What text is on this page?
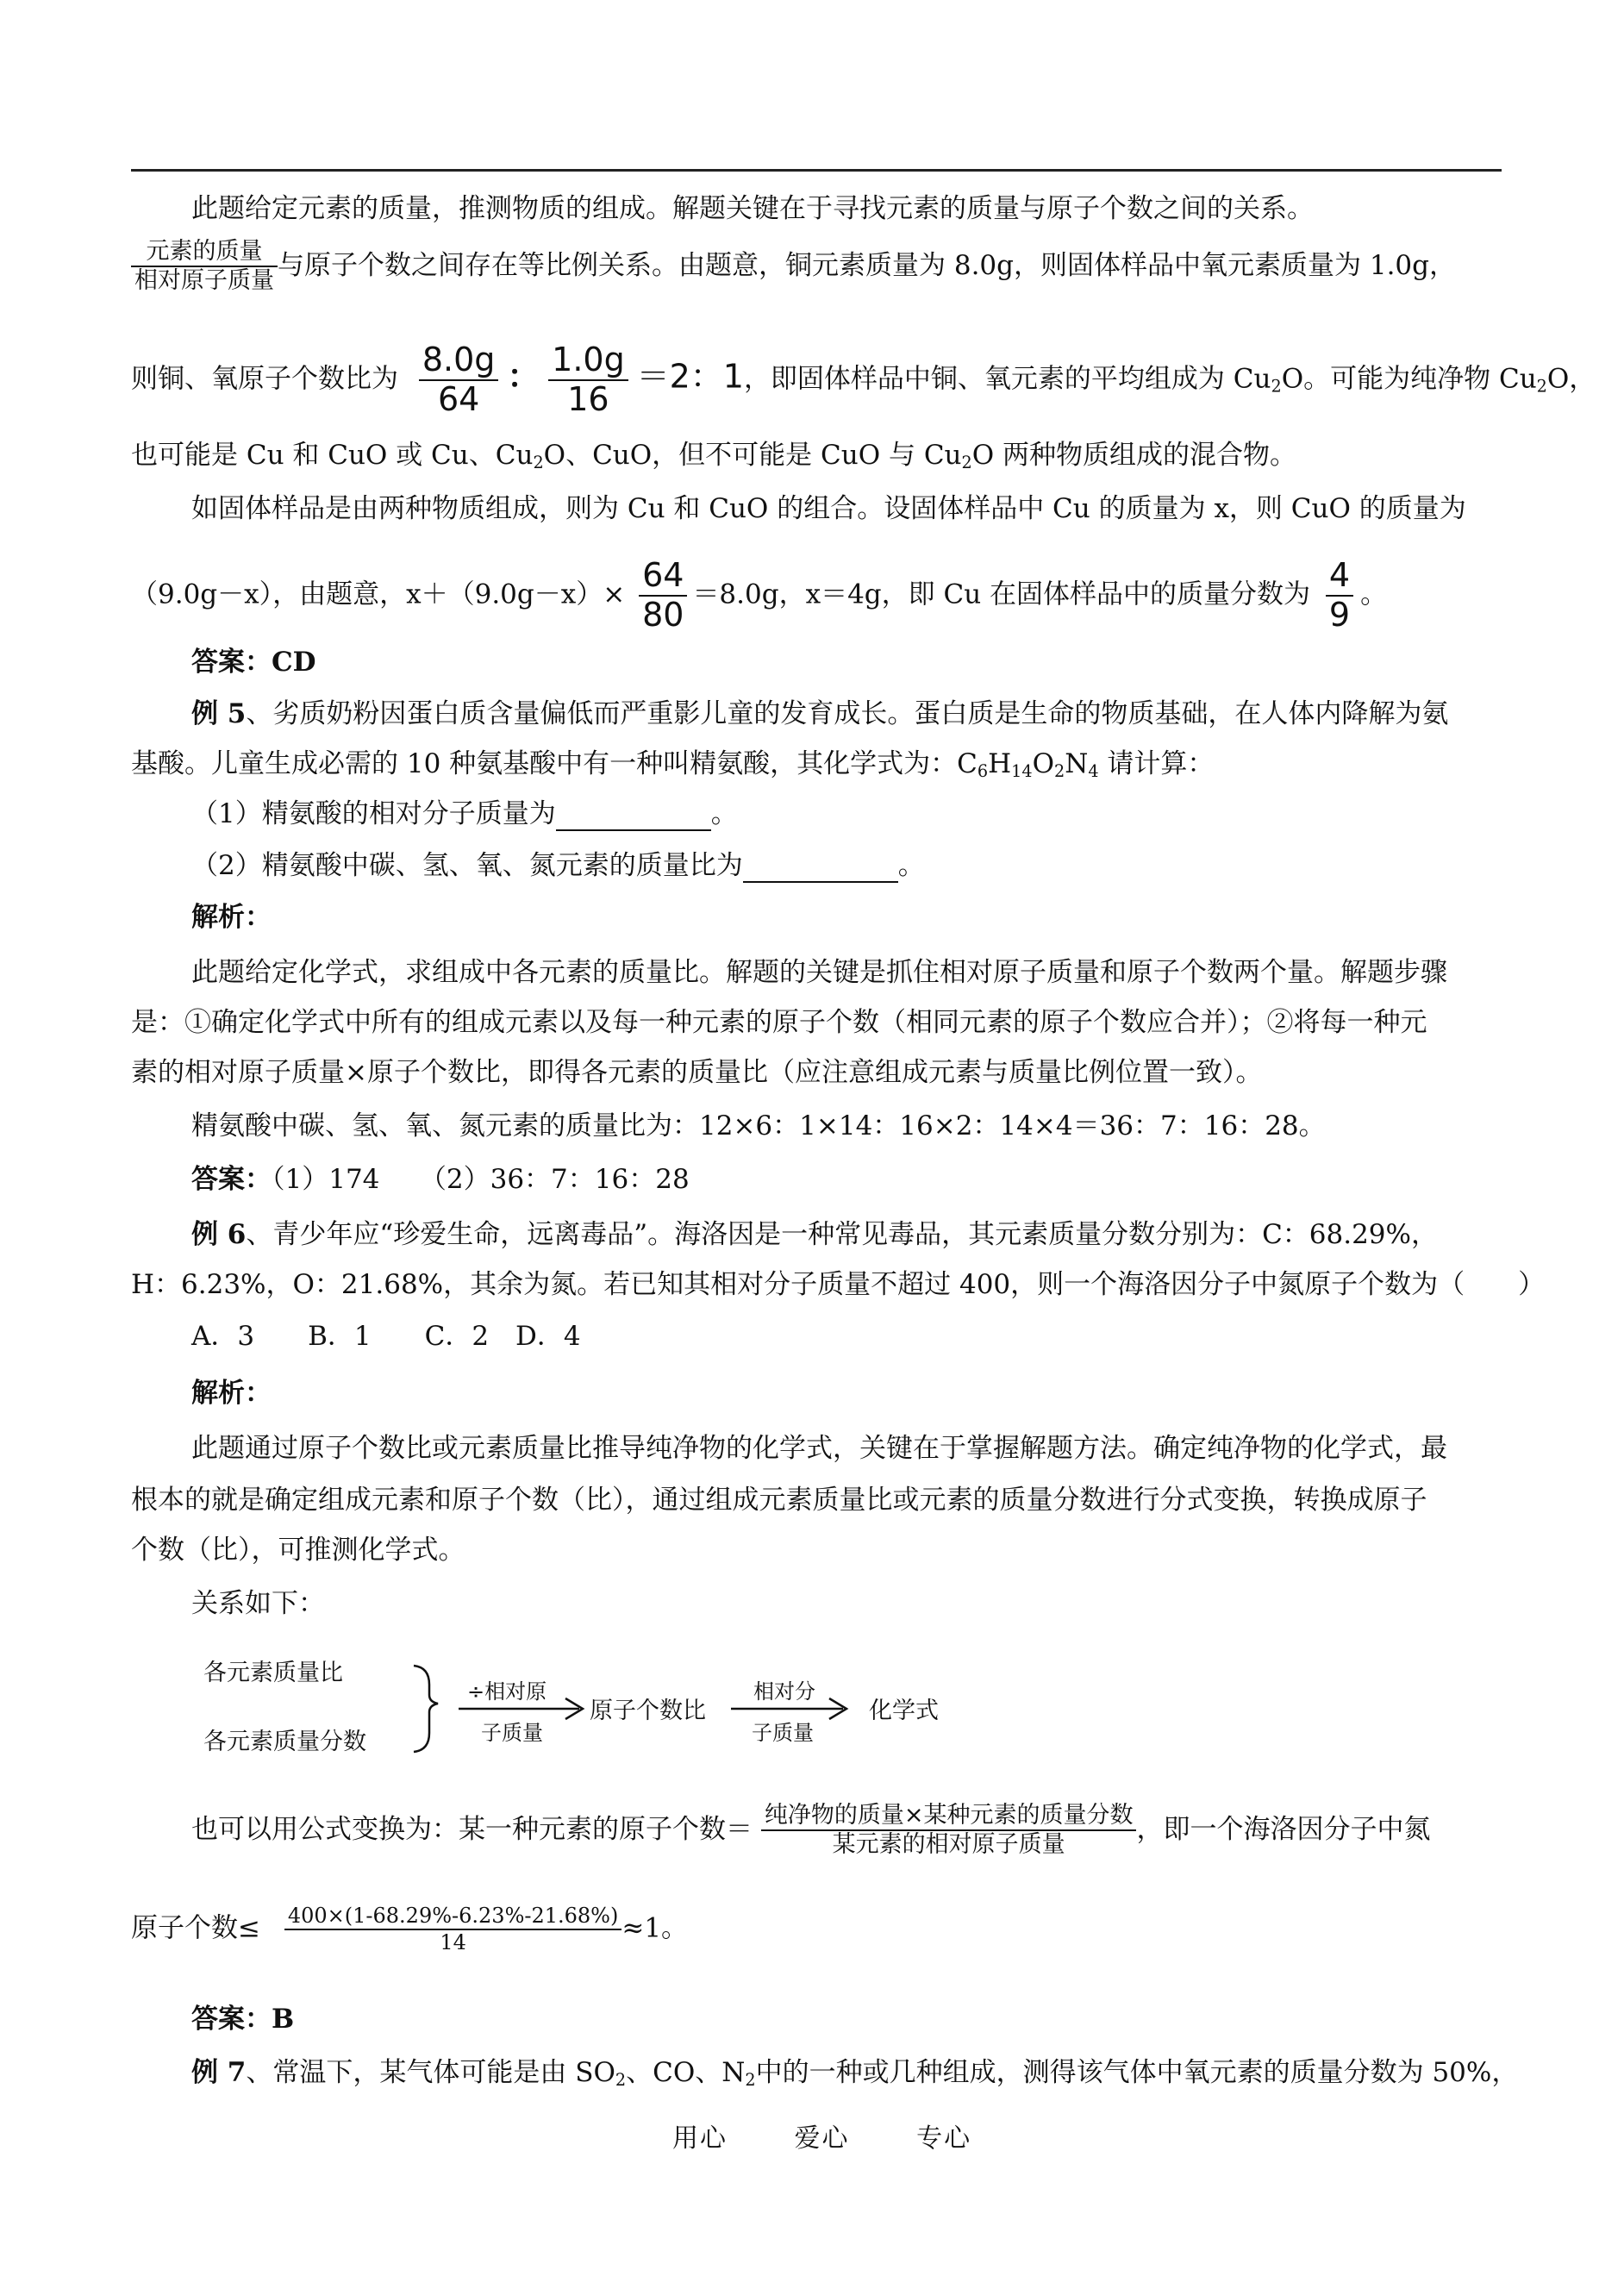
此题给定元素的质量，推测物质的组成。解题关键在于寻找元素的质量与原子个数之间的关系。
$\frac{\text{元素的质量}}{\text{相对原子质量}}$ 与原子个数之间存在等比例关系。由题意，铜元素质量为 8.0g，则固体样品中氧元素质量为 1.0g，
则铜、氧原子个数比为 $\frac{8.0g}{64}$ ： $\frac{1.0g}{16} =2$：1，即固体样品中铜、氧元素的平均组成为 $Cu_2O$。可能为纯净物 $Cu_2O$，
也可能是 Cu 和 CuO 或 Cu、$Cu_2O$、CuO，但不可能是 CuO 与 $Cu_2O$ 两种物质组成的混合物。
如固体样品是由两种物质组成，则为 Cu 和 CuO 的组合。设固体样品中 Cu 的质量为 x，则 CuO 的质量为
（9.0g－x），由题意，$x+(9.0g-x)\times \frac{64}{80} =8.0g$，x＝4g，即 Cu 在固体样品中的质量分数为 $\frac{4}{9}$ 。
答案：CD
例 5、劣质奶粉因蛋白质含量偏低而严重影儿童的发育成长。蛋白质是生命的物质基础，在人体内降解为氨
基酸。儿童生成必需的 10 种氨基酸中有一种叫精氨酸，其化学式为：$C_6H_{14}O_2N_4$ 请计算：
（1）精氨酸的相对分子质量为	。
（2）精氨酸中碳、氢、氧、氮元素的质量比为	。
解析：
此题给定化学式，求组成中各元素的质量比。解题的关键是抓住相对原子质量和原子个数两个量。解题步骤
是：①确定化学式中所有的组成元素以及每一种元素的原子个数（相同元素的原子个数应合并）；②将每一种元
素的相对原子质量×原子个数比，即得各元素的质量比（应注意组成元素与质量比例位置一致）。
精氨酸中碳、氢、氧、氮元素的质量比为：12×6：1×14：16×2：14×4＝36：7：16：28。
答案：（1）174　　（2）36：7：16：28
例 6、青少年应“珍爱生命，远离毒品”。海洛因是一种常见毒品，其元素质量分数分别为：C：68.29%，
H：6.23%，O：21.68%，其余为氮。若已知其相对分子质量不超过 400，则一个海洛因分子中氮原子个数为（　　）
A．3　　B．1　　C．2　D．4
解析：
此题通过原子个数比或元素质量比推导纯净物的化学式，关键在于掌握解题方法。确定纯净物的化学式，最
根本的就是确定组成元素和原子个数（比），通过组成元素质量比或元素的质量分数进行分式变换，转换成原子
个数（比），可推测化学式。
关系如下：
各元素质量比
各元素质量分数
÷相对原
子质量
原子个数比
相对分
子质量
化学式
也可以用公式变换为：某一种元素的原子个数＝ $\frac{\text{纯净物的质量×某种元素的质量分数}}{\text{某元素的相对原子质量}}$ ，即一个海洛因分子中氮
原子个数≤ $\frac{400\times(1-68.29\%-6.23\%-21.68\%)}{14} \approx 1$。
答案：B
例 7、常温下，某气体可能是由 $SO_2$、CO、$N_2$中的一种或几种组成，测得该气体中氧元素的质量分数为 50%，
用心	爱心	专心
